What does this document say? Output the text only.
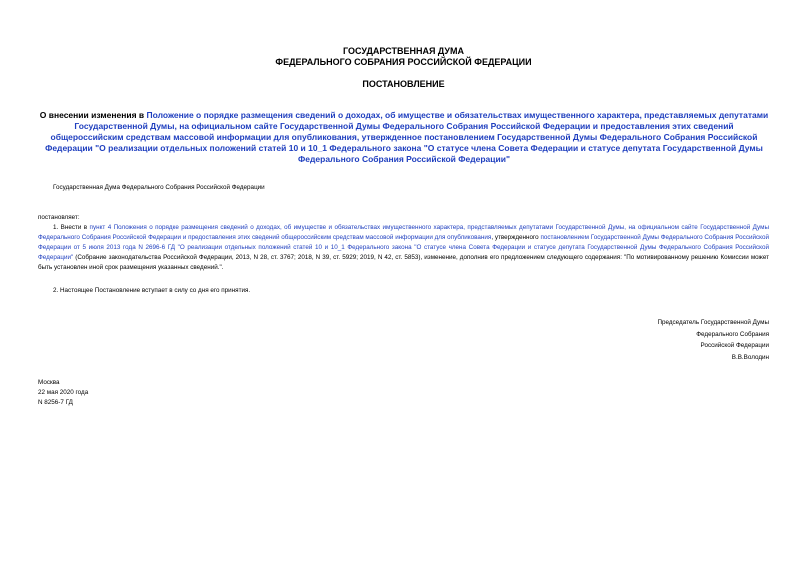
ГОСУДАРСТВЕННАЯ ДУМА
ФЕДЕРАЛЬНОГО СОБРАНИЯ РОССИЙСКОЙ ФЕДЕРАЦИИ
ПОСТАНОВЛЕНИЕ
О внесении изменения в Положение о порядке размещения сведений о доходах, об имуществе и обязательствах имущественного характера, представляемых депутатами Государственной Думы, на официальном сайте Государственной Думы Федерального Собрания Российской Федерации и предоставления этих сведений общероссийским средствам массовой информации для опубликования, утвержденное постановлением Государственной Думы Федерального Собрания Российской Федерации "О реализации отдельных положений статей 10 и 10_1 Федерального закона "О статусе члена Совета Федерации и статусе депутата Государственной Думы Федерального Собрания Российской Федерации"
Государственная Дума Федерального Собрания Российской Федерации
постановляет:
1. Внести в пункт 4 Положения о порядке размещения сведений о доходах, об имуществе и обязательствах имущественного характера, представляемых депутатами Государственной Думы, на официальном сайте Государственной Думы Федерального Собрания Российской Федерации и предоставления этих сведений общероссийским средствам массовой информации для опубликования, утвержденного постановлением Государственной Думы Федерального Собрания Российской Федерации от 5 июля 2013 года N 2696-6 ГД "О реализации отдельных положений статей 10 и 10_1 Федерального закона "О статусе члена Совета Федерации и статусе депутата Государственной Думы Федерального Собрания Российской Федерации" (Собрание законодательства Российской Федерации, 2013, N 28, ст. 3767; 2018, N 39, ст. 5929; 2019, N 42, ст. 5853), изменение, дополнив его предложением следующего содержания: "По мотивированному решению Комиссии может быть установлен иной срок размещения указанных сведений.".
2. Настоящее Постановление вступает в силу со дня его принятия.
Председатель Государственной Думы
Федерального Собрания
Российской Федерации
В.В.Володин
Москва
22 мая 2020 года
N 8256-7 ГД
